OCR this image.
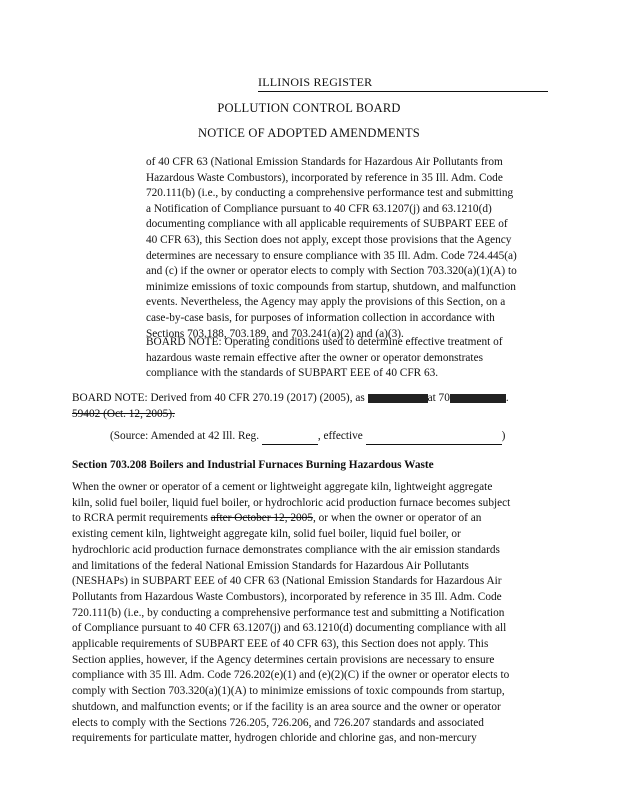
ILLINOIS REGISTER
POLLUTION CONTROL BOARD
NOTICE OF ADOPTED AMENDMENTS
of 40 CFR 63 (National Emission Standards for Hazardous Air Pollutants from
Hazardous Waste Combustors), incorporated by reference in 35 Ill. Adm. Code
720.111(b) (i.e., by conducting a comprehensive performance test and submitting
a Notification of Compliance pursuant to 40 CFR 63.1207(j) and 63.1210(d)
documenting compliance with all applicable requirements of SUBPART EEE of
40 CFR 63), this Section does not apply, except those provisions that the Agency
determines are necessary to ensure compliance with 35 Ill. Adm. Code 724.445(a)
and (c) if the owner or operator elects to comply with Section 703.320(a)(1)(A) to
minimize emissions of toxic compounds from startup, shutdown, and malfunction
events. Nevertheless, the Agency may apply the provisions of this Section, on a
case-by-case basis, for purposes of information collection in accordance with
Sections 703.188, 703.189, and 703.241(a)(2) and (a)(3).
BOARD NOTE: Operating conditions used to determine effective treatment of
hazardous waste remain effective after the owner or operator demonstrates
compliance with the standards of SUBPART EEE of 40 CFR 63.
BOARD NOTE: Derived from 40 CFR 270.19 (2017) (2005), as	at 70	.
59402 (Oct. 12, 2005).
(Source: Amended at 42 Ill. Reg.	, effective	)
Section 703.208 Boilers and Industrial Furnaces Burning Hazardous Waste
When the owner or operator of a cement or lightweight aggregate kiln, lightweight aggregate
kiln, solid fuel boiler, liquid fuel boiler, or hydrochloric acid production furnace becomes subject
to RCRA permit requirements after October 12, 2005, or when the owner or operator of an
existing cement kiln, lightweight aggregate kiln, solid fuel boiler, liquid fuel boiler, or
hydrochloric acid production furnace demonstrates compliance with the air emission standards
and limitations of the federal National Emission Standards for Hazardous Air Pollutants
(NESHAPs) in SUBPART EEE of 40 CFR 63 (National Emission Standards for Hazardous Air
Pollutants from Hazardous Waste Combustors), incorporated by reference in 35 Ill. Adm. Code
720.111(b) (i.e., by conducting a comprehensive performance test and submitting a Notification
of Compliance pursuant to 40 CFR 63.1207(j) and 63.1210(d) documenting compliance with all
applicable requirements of SUBPART EEE of 40 CFR 63), this Section does not apply. This
Section applies, however, if the Agency determines certain provisions are necessary to ensure
compliance with 35 Ill. Adm. Code 726.202(e)(1) and (e)(2)(C) if the owner or operator elects to
comply with Section 703.320(a)(1)(A) to minimize emissions of toxic compounds from startup,
shutdown, and malfunction events; or if the facility is an area source and the owner or operator
elects to comply with the Sections 726.205, 726.206, and 726.207 standards and associated
requirements for particulate matter, hydrogen chloride and chlorine gas, and non-mercury
